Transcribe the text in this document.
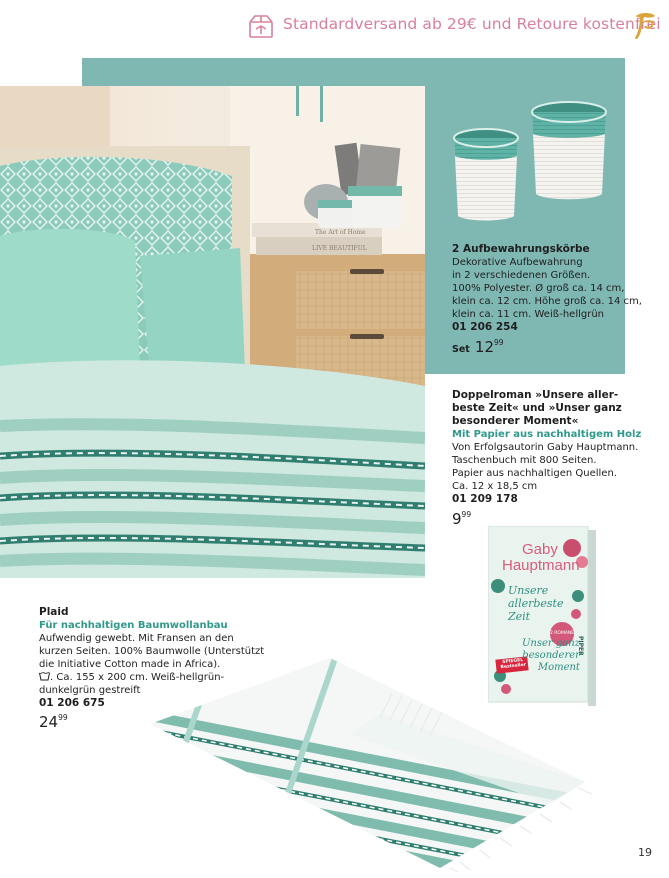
Standardversand ab 29€ und Retoure kostenfrei
The Art of Home
LIVE BEAUTIFUL	2 Aufbewahrungskörbe
Dekorative Aufbewahrung
in 2 verschiedenen Größen.
100% Polyester. Ø groß ca. 14 cm,
klein ca. 12 cm. Höhe groß ca. 14 cm,
klein ca. 11 cm. Weiß-hellgrün
01 206 254
Set $12^{99}$
Doppelroman »Unsere aller-
beste Zeit« und »Unser ganz
besonderer Moment«
Mit Papier aus nachhaltigem Holz
Von Erfolgsautorin Gaby Hauptmann.
Taschenbuch mit 800 Seiten.
Papier aus nachhaltigen Quellen.
Ca. 12 x 18,5 cm
01 209 178
$9^{99}$
Gaby
Hauptmann
Unsere
allerbeste
Zeit
2 ROMANE
Unser ganz
besonderer
Moment
SPIEGEL Bestseller
PIPER
Plaid
Für nachhaltigen Baumwollanbau
Aufwendig gewebt. Mit Fransen an den
kurzen Seiten. 100% Baumwolle (Unterstützt
die Initiative Cotton made in Africa).
. Ca. 155 x 200 cm. Weiß-hellgrün-
dunkelgrün gestreift
01 206 675
$24^{99}$
19
